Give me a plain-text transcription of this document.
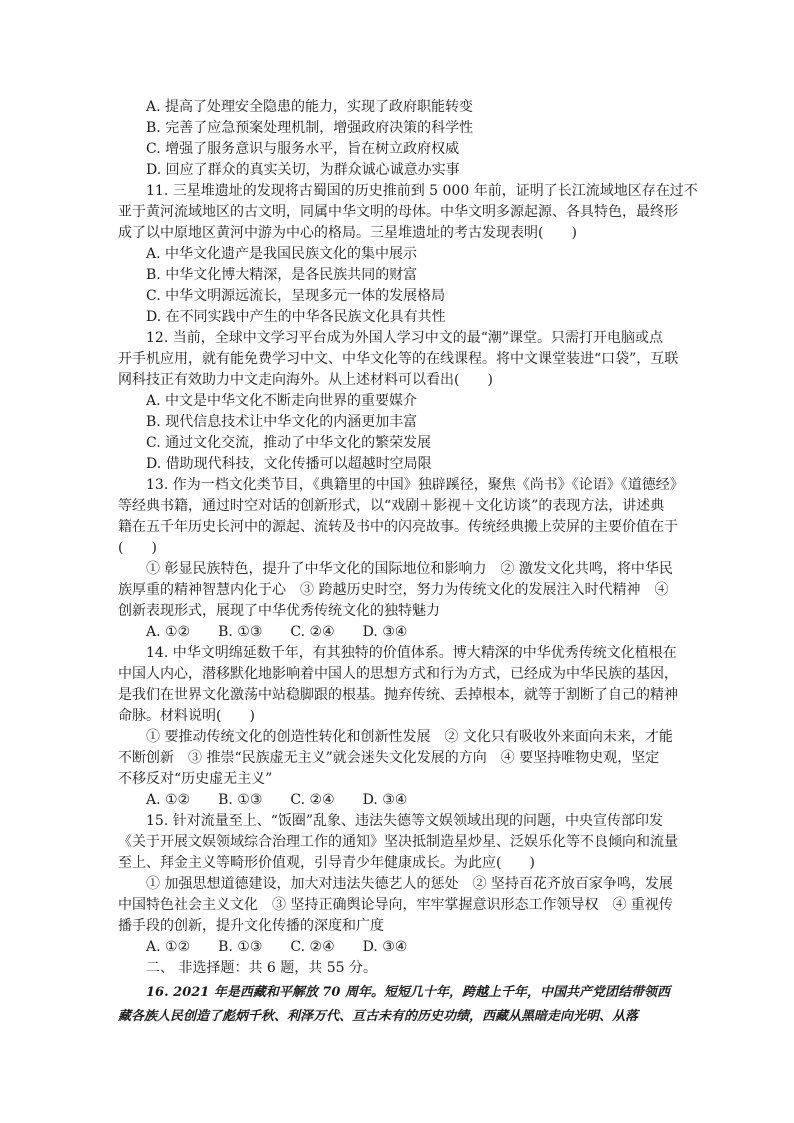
A. 提高了处理安全隐患的能力，实现了政府职能转变
B. 完善了应急预案处理机制，增强政府决策的科学性
C. 增强了服务意识与服务水平，旨在树立政府权威
D. 回应了群众的真实关切，为群众诚心诚意办实事
11. 三星堆遗址的发现将古蜀国的历史推前到 5 000 年前，证明了长江流域地区存在过不
亚于黄河流域地区的古文明，同属中华文明的母体。中华文明多源起源、各具特色，最终形
成了以中原地区黄河中游为中心的格局。三星堆遗址的考古发现表明(　　)
A. 中华文化遗产是我国民族文化的集中展示
B. 中华文化博大精深，是各民族共同的财富
C. 中华文明源远流长，呈现多元一体的发展格局
D. 在不同实践中产生的中华各民族文化具有共性
12. 当前，全球中文学习平台成为外国人学习中文的最“潮”课堂。只需打开电脑或点
开手机应用，就有能免费学习中文、中华文化等的在线课程。将中文课堂装进“口袋”，互联
网科技正有效助力中文走向海外。从上述材料可以看出(　　)
A. 中文是中华文化不断走向世界的重要媒介
B. 现代信息技术让中华文化的内涵更加丰富
C. 通过文化交流，推动了中华文化的繁荣发展
D. 借助现代科技，文化传播可以超越时空局限
13. 作为一档文化类节目，《典籍里的中国》独辟蹊径，聚焦《尚书》《论语》《道德经》
等经典书籍，通过时空对话的创新形式，以“戏剧＋影视＋文化访谈”的表现方法，讲述典
籍在五千年历史长河中的源起、流转及书中的闪亮故事。传统经典搬上荧屏的主要价值在于
(　　)
① 彰显民族特色，提升了中华文化的国际地位和影响力　② 激发文化共鸣，将中华民
族厚重的精神智慧内化于心　③ 跨越历史时空，努力为传统文化的发展注入时代精神　④
创新表现形式，展现了中华优秀传统文化的独特魅力
A. ①②　　B. ①③　　C. ②④　　D. ③④
14. 中华文明绵延数千年，有其独特的价值体系。博大精深的中华优秀传统文化植根在
中国人内心，潜移默化地影响着中国人的思想方式和行为方式，已经成为中华民族的基因，
是我们在世界文化激荡中站稳脚跟的根基。抛弃传统、丢掉根本，就等于割断了自己的精神
命脉。材料说明(　　)
① 要推动传统文化的创造性转化和创新性发展　② 文化只有吸收外来面向未来，才能
不断创新　③ 推崇“民族虚无主义”就会迷失文化发展的方向　④ 要坚持唯物史观，坚定
不移反对“历史虚无主义”
A. ①②　　B. ①③　　C. ②④　　D. ③④
15. 针对流量至上、“饭圈”乱象、违法失德等文娱领域出现的问题，中央宣传部印发
《关于开展文娱领域综合治理工作的通知》坚决抵制造星炒星、泛娱乐化等不良倾向和流量
至上、拜金主义等畸形价值观，引导青少年健康成长。为此应(　　)
① 加强思想道德建设，加大对违法失德艺人的惩处　② 坚持百花齐放百家争鸣，发展
中国特色社会主义文化　③ 坚持正确舆论导向，牢牢掌握意识形态工作领导权　④ 重视传
播手段的创新，提升文化传播的深度和广度
A. ①②　　B. ①③　　C. ②④　　D. ③④
二、 非选择题：共 6 题，共 55 分。
16. 2021 年是西藏和平解放 70 周年。短短几十年，跨越上千年，中国共产党团结带领西
藏各族人民创造了彪炳千秋、利泽万代、亘古未有的历史功绩，西藏从黑暗走向光明、从落
